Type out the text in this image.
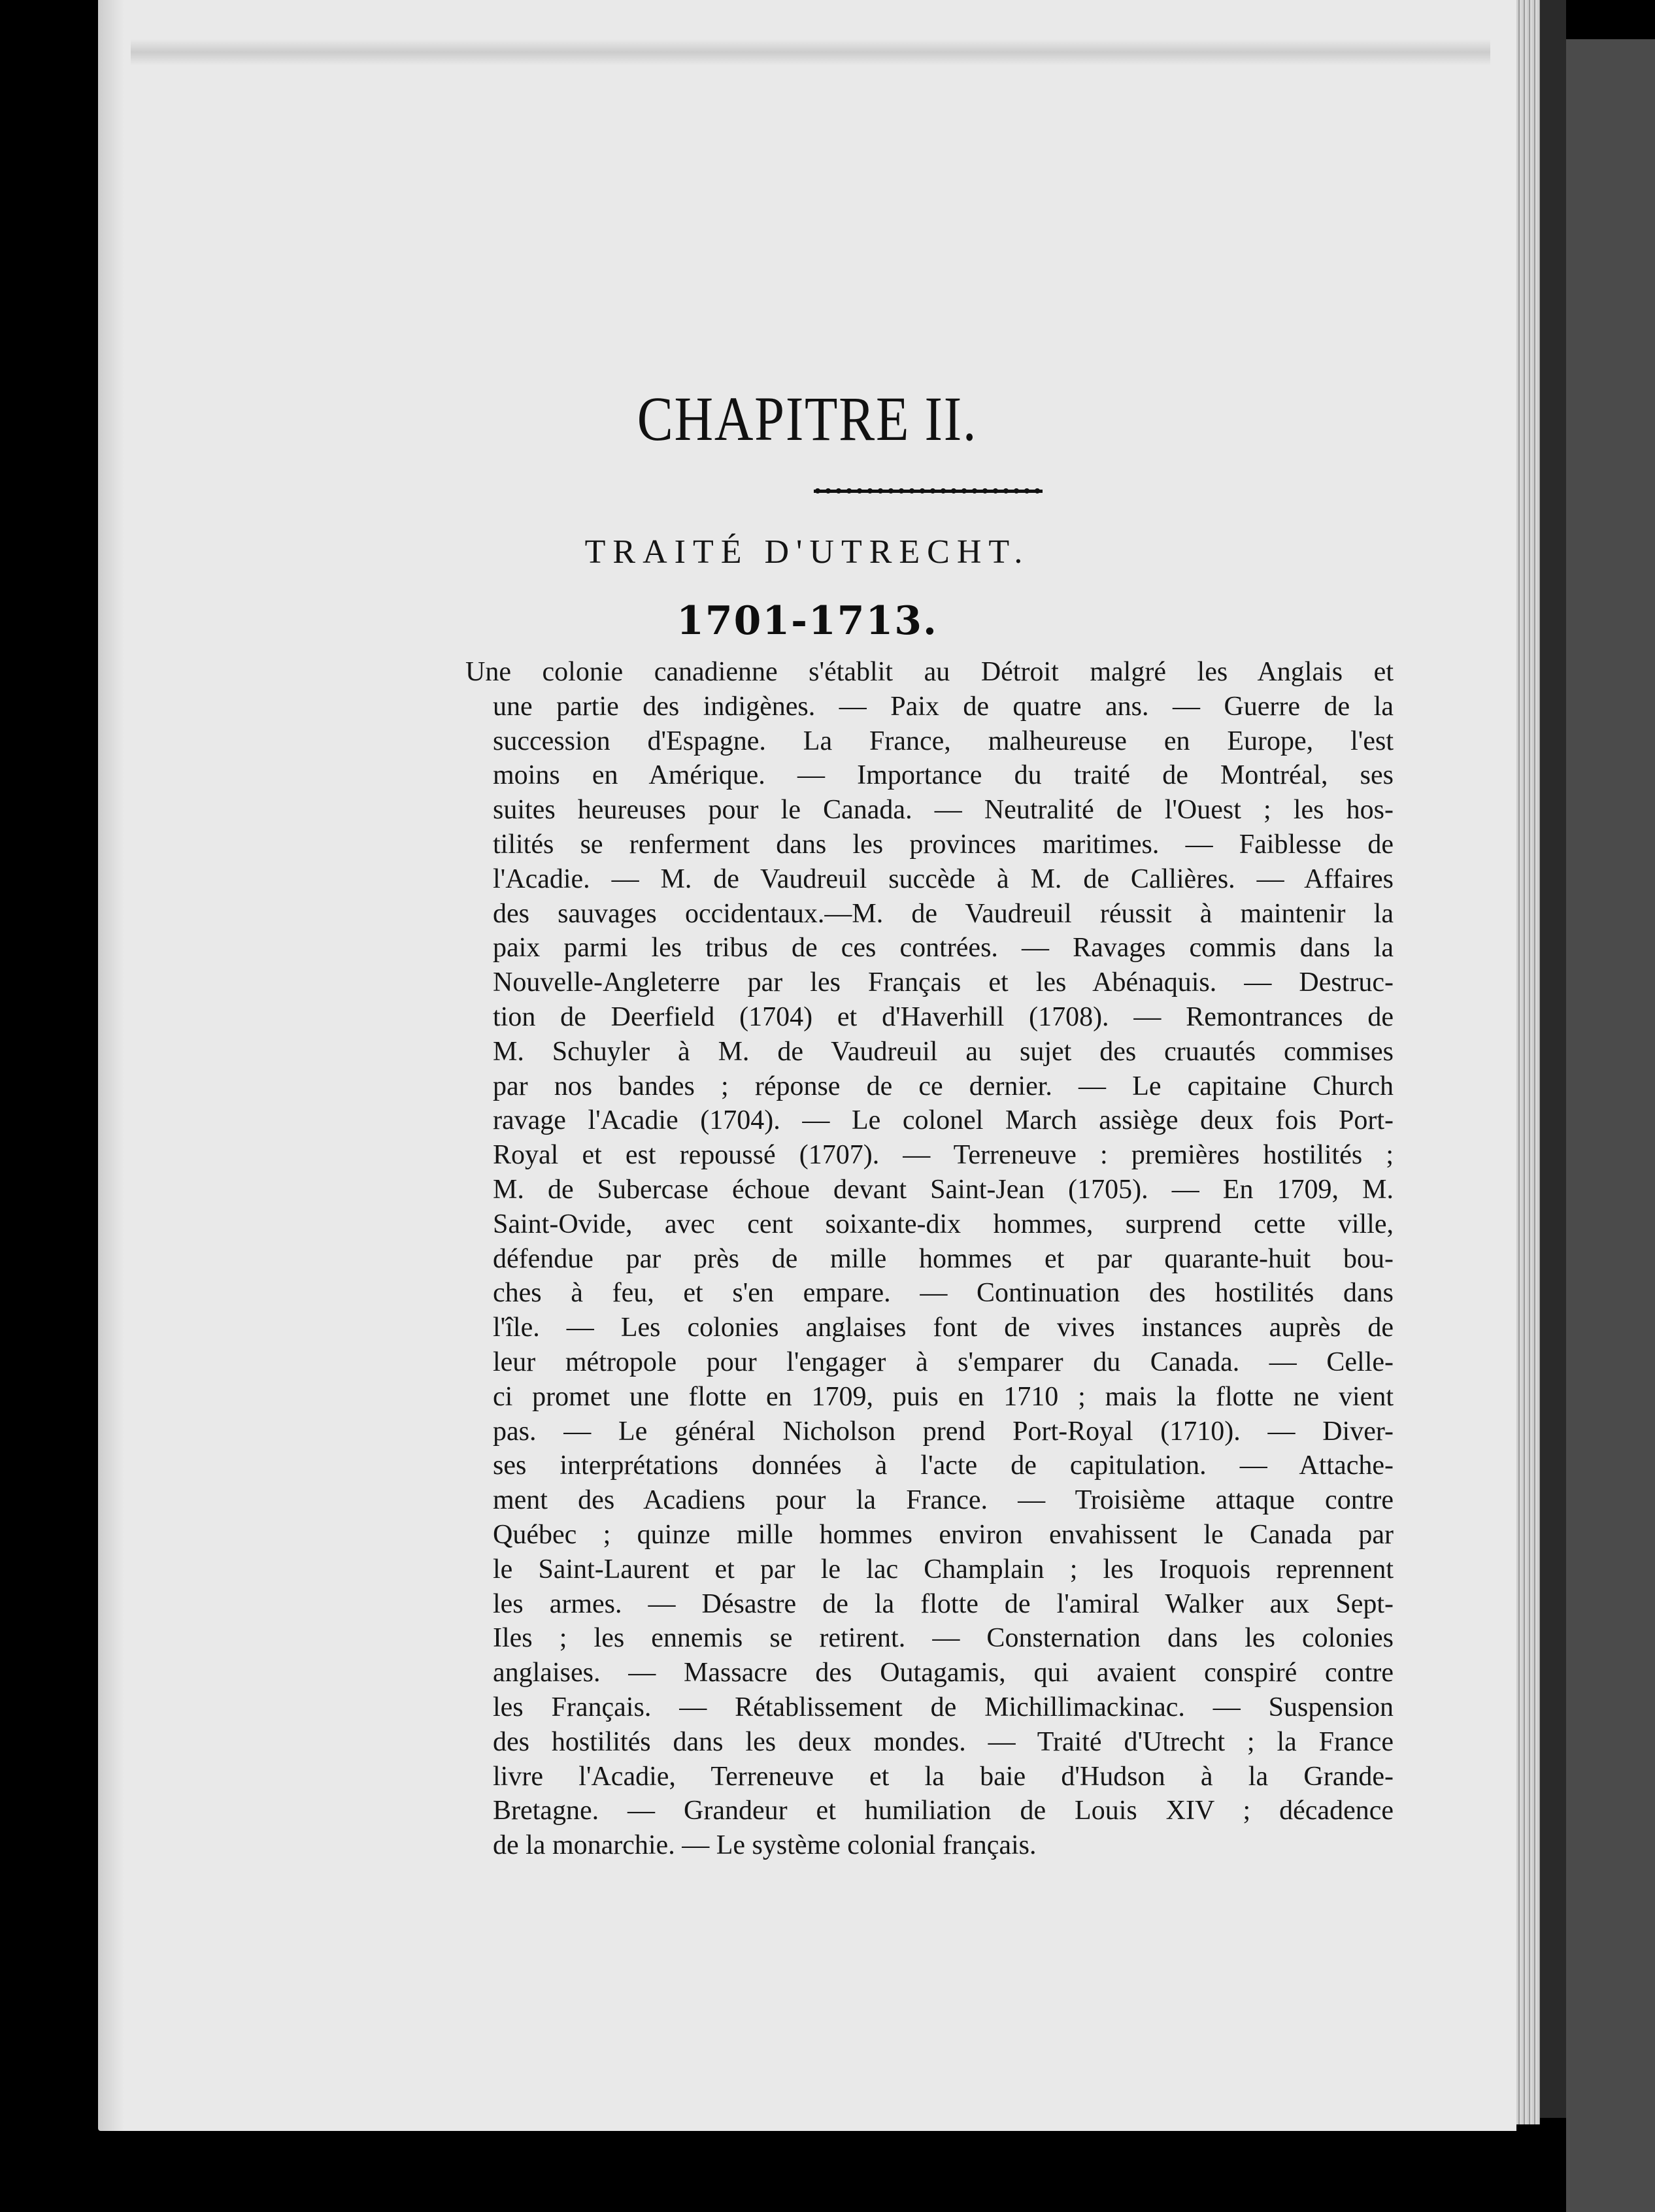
CHAPITRE II.
TRAITÉ D'UTRECHT.
1701-1713.
Une colonie canadienne s'établit au Détroit malgré les Anglais et
une partie des indigènes. — Paix de quatre ans. — Guerre de la
succession d'Espagne. La France, malheureuse en Europe, l'est
moins en Amérique. — Importance du traité de Montréal, ses
suites heureuses pour le Canada. — Neutralité de l'Ouest ; les hos-
tilités se renferment dans les provinces maritimes. — Faiblesse de
l'Acadie. — M. de Vaudreuil succède à M. de Callières. — Affaires
des sauvages occidentaux.—M. de Vaudreuil réussit à maintenir la
paix parmi les tribus de ces contrées. — Ravages commis dans la
Nouvelle-Angleterre par les Français et les Abénaquis. — Destruc-
tion de Deerfield (1704) et d'Haverhill (1708). — Remontrances de
M. Schuyler à M. de Vaudreuil au sujet des cruautés commises
par nos bandes ; réponse de ce dernier. — Le capitaine Church
ravage l'Acadie (1704). — Le colonel March assiège deux fois Port-
Royal et est repoussé (1707). — Terreneuve : premières hostilités ;
M. de Subercase échoue devant Saint-Jean (1705). — En 1709, M.
Saint-Ovide, avec cent soixante-dix hommes, surprend cette ville,
défendue par près de mille hommes et par quarante-huit bou-
ches à feu, et s'en empare. — Continuation des hostilités dans
l'île. — Les colonies anglaises font de vives instances auprès de
leur métropole pour l'engager à s'emparer du Canada. — Celle-
ci promet une flotte en 1709, puis en 1710 ; mais la flotte ne vient
pas. — Le général Nicholson prend Port-Royal (1710). — Diver-
ses interprétations données à l'acte de capitulation. — Attache-
ment des Acadiens pour la France. — Troisième attaque contre
Québec ; quinze mille hommes environ envahissent le Canada par
le Saint-Laurent et par le lac Champlain ; les Iroquois reprennent
les armes. — Désastre de la flotte de l'amiral Walker aux Sept-
Iles ; les ennemis se retirent. — Consternation dans les colonies
anglaises. — Massacre des Outagamis, qui avaient conspiré contre
les Français. — Rétablissement de Michillimackinac. — Suspension
des hostilités dans les deux mondes. — Traité d'Utrecht ; la France
livre l'Acadie, Terreneuve et la baie d'Hudson à la Grande-
Bretagne. — Grandeur et humiliation de Louis XIV ; décadence
de la monarchie. — Le système colonial français.
